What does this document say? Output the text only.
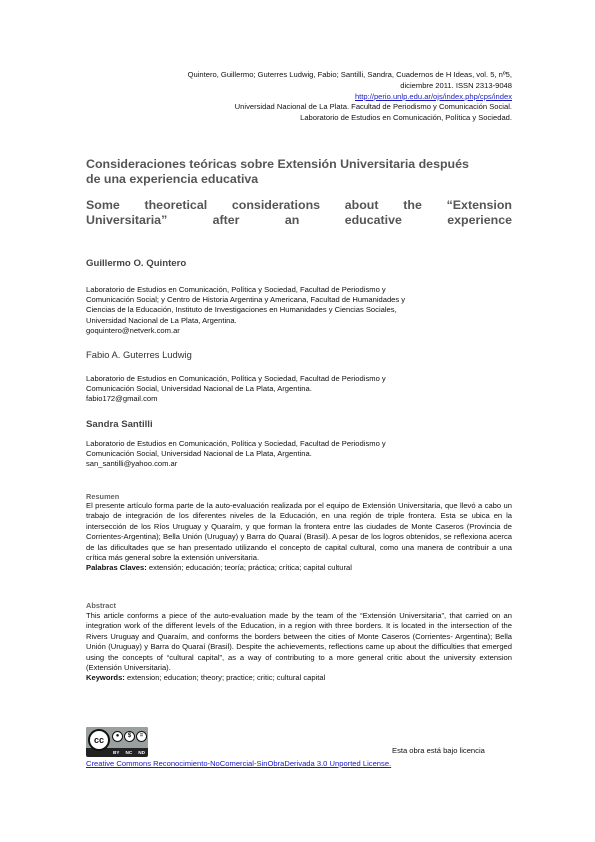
Quintero, Guillermo; Guterres Ludwig, Fabio; Santilli, Sandra, Cuadernos de H Ideas, vol. 5, nº5,
diciembre 2011. ISSN 2313-9048
http://perio.unlp.edu.ar/ojs/index.php/cps/index
Universidad Nacional de La Plata. Facultad de Periodismo y Comunicación Social.
Laboratorio de Estudios en Comunicación, Política y Sociedad.
Consideraciones teóricas sobre Extensión Universitaria después
de una experiencia educativa
Some theoretical considerations about the “Extension
Universitaria” after an educative experience
Guillermo O. Quintero

Laboratorio de Estudios en Comunicación, Política y Sociedad, Facultad de Periodismo y

Comunicación Social; y Centro de Historia Argentina y Americana, Facultad de Humanidades y

Ciencias de la Educación, Instituto de Investigaciones en Humanidades y Ciencias Sociales,

Universidad Nacional de La Plata, Argentina.

goquintero@netverk.com.ar

Fabio A. Guterres Ludwig

Laboratorio de Estudios en Comunicación, Política y Sociedad, Facultad de Periodismo y

Comunicación Social, Universidad Nacional de La Plata, Argentina.

fabio172@gmail.com

Sandra Santilli

Laboratorio de Estudios en Comunicación, Política y Sociedad, Facultad de Periodismo y

Comunicación Social, Universidad Nacional de La Plata, Argentina.

san_santilli@yahoo.com.ar

Resumen

El presente artículo forma parte de la auto-evaluación realizada por el equipo de Extensión Universitaria, que llevó a cabo un trabajo de integración de los diferentes niveles de la Educación, en una región de triple frontera. Esta se ubica en la intersección de los Ríos Uruguay y Quaraím, y que forman la frontera entre las ciudades de Monte Caseros (Provincia de Corrientes-Argentina); Bella Unión (Uruguay) y Barra do Quaraí (Brasil). A pesar de los logros obtenidos, se reflexiona acerca de las dificultades que se han presentado utilizando el concepto de capital cultural, como una manera de contribuir a una crítica más general sobre la extensión universitaria.

Palabras Claves: extensión; educación; teoría; práctica; crítica; capital cultural

Abstract

This article conforms a piece of the auto-evaluation made by the team of the “Extensión Universitaria”, that carried on an integration work of the different levels of the Education, in a region with three borders. It is located in the intersection of the Rivers Uruguay and Quaraím, and conforms the borders between the cities of Monte Caseros (Corrientes- Argentina); Bella Unión (Uruguay) y Barra do Quaraí (Brasil). Despite the achievements, reflections came up about the difficulties that emerged using the concepts of “cultural capital”, as a way of contributing to a more general critic about the university extension (Extensión Universitaria).

Keywords: extension; education; theory; practice; critic; cultural capital

cc	●	$	=
BY NC ND	Esta obra está bajo licencia
Creative Commons Reconocimiento-NoComercial-SinObraDerivada 3.0 Unported License.
